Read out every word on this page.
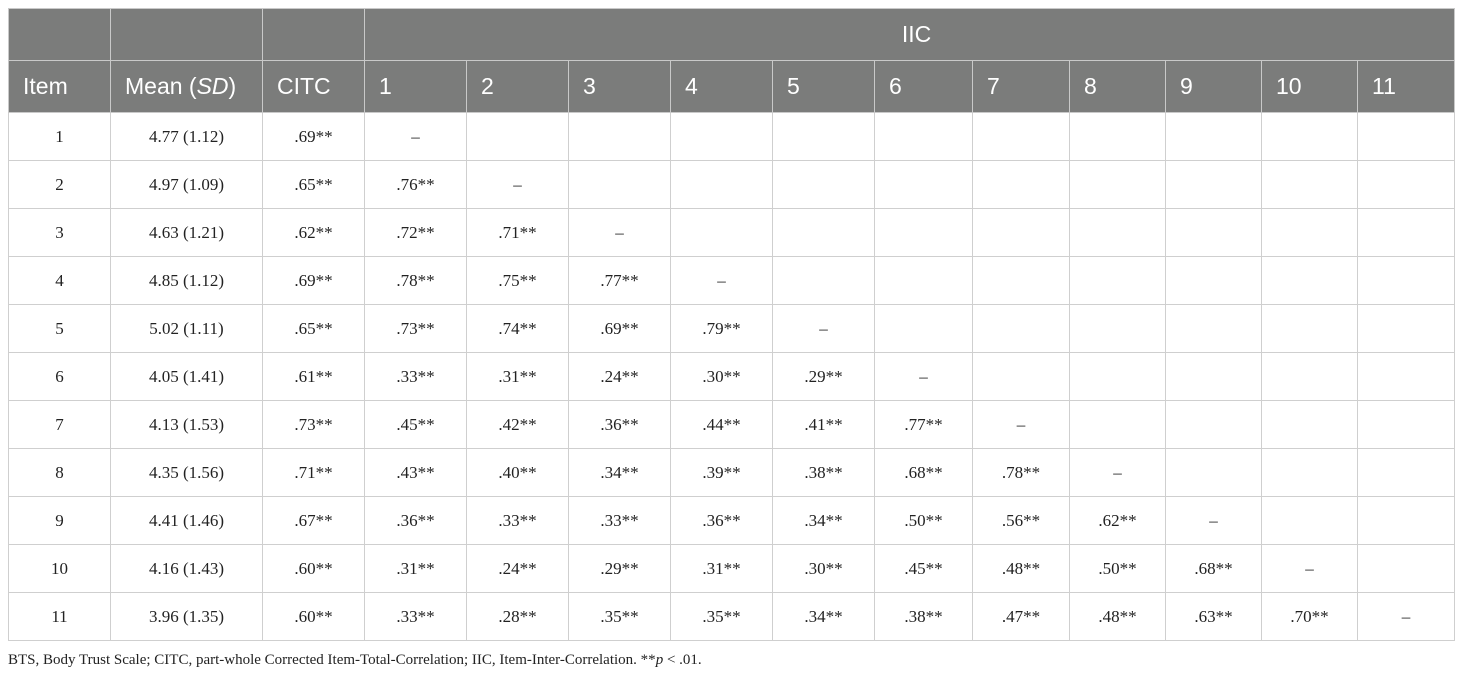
			IIC										
Item	Mean (SD)	CITC	1	2	3	4	5	6	7	8	9	10	11
1	4.77 (1.12)	.69**	–										
2	4.97 (1.09)	.65**	.76**	–									
3	4.63 (1.21)	.62**	.72**	.71**	–								
4	4.85 (1.12)	.69**	.78**	.75**	.77**	–							
5	5.02 (1.11)	.65**	.73**	.74**	.69**	.79**	–						
6	4.05 (1.41)	.61**	.33**	.31**	.24**	.30**	.29**	–					
7	4.13 (1.53)	.73**	.45**	.42**	.36**	.44**	.41**	.77**	–				
8	4.35 (1.56)	.71**	.43**	.40**	.34**	.39**	.38**	.68**	.78**	–			
9	4.41 (1.46)	.67**	.36**	.33**	.33**	.36**	.34**	.50**	.56**	.62**	–		
10	4.16 (1.43)	.60**	.31**	.24**	.29**	.31**	.30**	.45**	.48**	.50**	.68**	–	
11	3.96 (1.35)	.60**	.33**	.28**	.35**	.35**	.34**	.38**	.47**	.48**	.63**	.70**	–
BTS, Body Trust Scale; CITC, part-whole Corrected Item-Total-Correlation; IIC, Item-Inter-Correlation. **p < .01.
